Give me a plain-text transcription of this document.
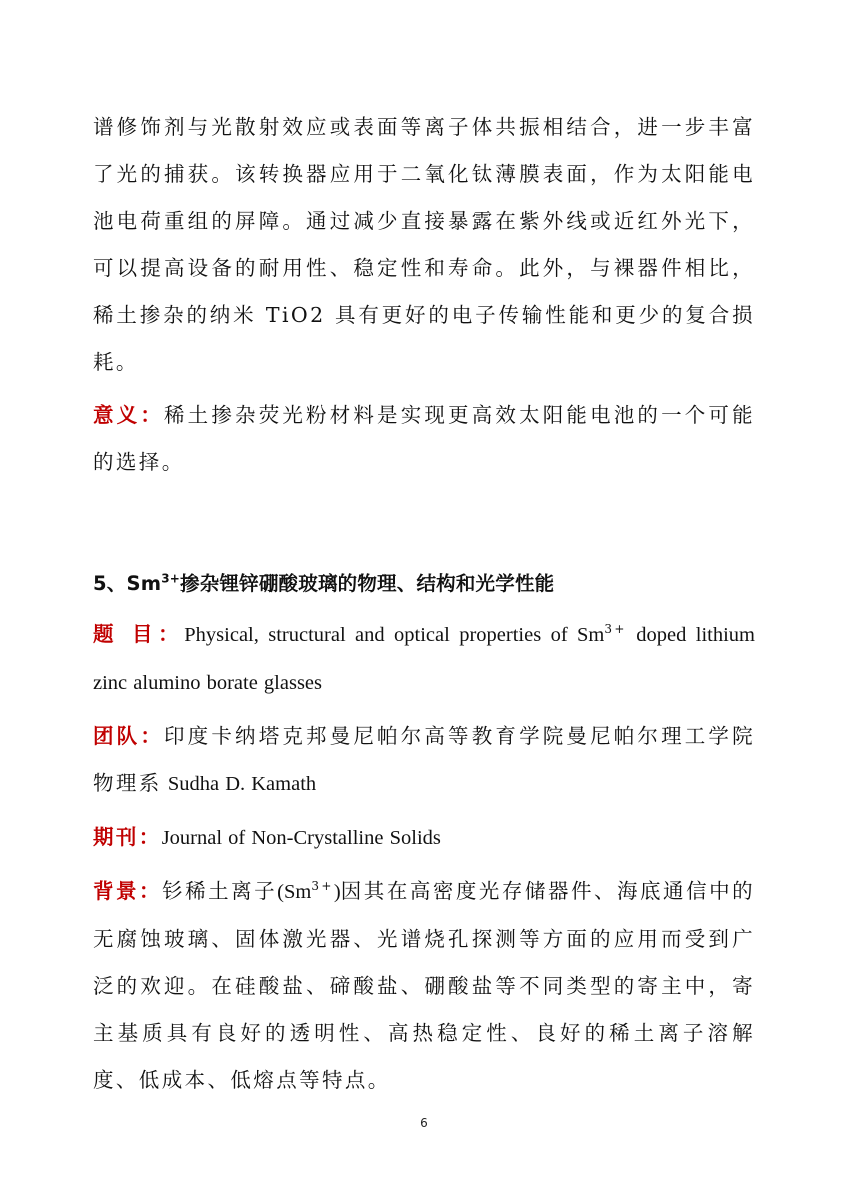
谱修饰剂与光散射效应或表面等离子体共振相结合，进一步丰富了光的捕获。该转换器应用于二氧化钛薄膜表面，作为太阳能电池电荷重组的屏障。通过减少直接暴露在紫外线或近红外光下，可以提高设备的耐用性、稳定性和寿命。此外，与裸器件相比，稀土掺杂的纳米 TiO2 具有更好的电子传输性能和更少的复合损耗。

意义：稀土掺杂荧光粉材料是实现更高效太阳能电池的一个可能的选择。

5、$Sm^{3+}$掺杂锂锌硼酸玻璃的物理、结构和光学性能

题 目：Physical, structural and optical properties of $Sm^{3+}$ doped lithium zinc alumino borate glasses

团队：印度卡纳塔克邦曼尼帕尔高等教育学院曼尼帕尔理工学院物理系 Sudha D. Kamath

期刊：Journal of Non-Crystalline Solids

背景：钐稀土离子$(Sm^{3+})$因其在高密度光存储器件、海底通信中的无腐蚀玻璃、固体激光器、光谱烧孔探测等方面的应用而受到广泛的欢迎。在硅酸盐、碲酸盐、硼酸盐等不同类型的寄主中，寄主基质具有良好的透明性、高热稳定性、良好的稀土离子溶解度、低成本、低熔点等特点。

6
